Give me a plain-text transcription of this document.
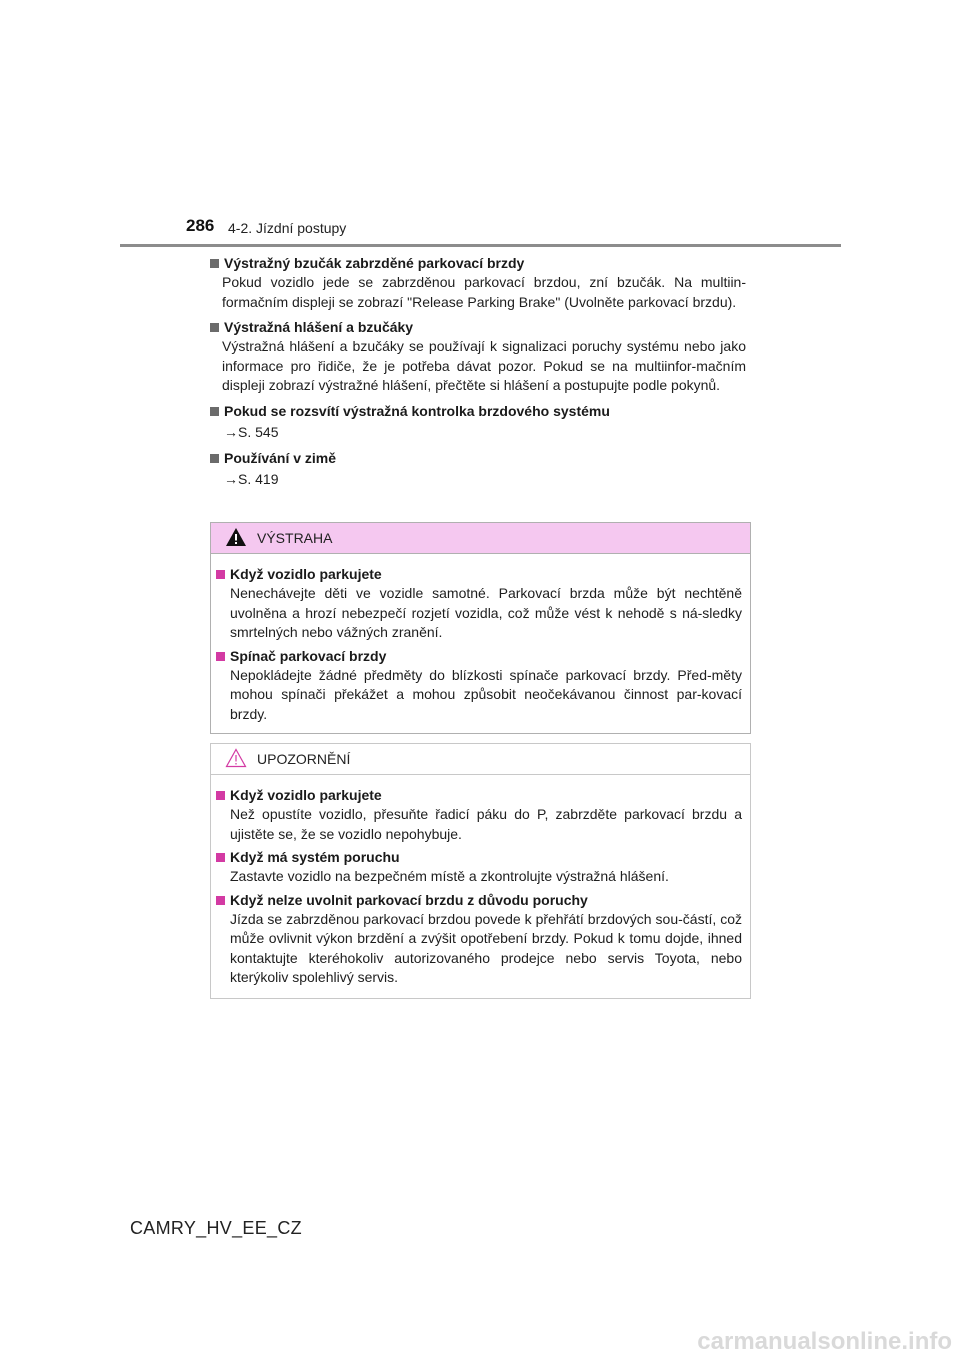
286 4-2. Jízdní postupy
Výstražný bzučák zabrzděné parkovací brzdy
Pokud vozidlo jede se zabrzděnou parkovací brzdou, zní bzučák. Na multiin-formačním displeji se zobrazí "Release Parking Brake" (Uvolněte parkovací brzdu).
Výstražná hlášení a bzučáky
Výstražná hlášení a bzučáky se používají k signalizaci poruchy systému nebo jako informace pro řidiče, že je potřeba dávat pozor. Pokud se na multiinfor-mačním displeji zobrazí výstražné hlášení, přečtěte si hlášení a postupujte podle pokynů.
Pokud se rozsvítí výstražná kontrolka brzdového systému
→S. 545
Používání v zimě
→S. 419
VÝSTRAHA
Když vozidlo parkujete
Nenechávejte děti ve vozidle samotné. Parkovací brzda může být nechtěně uvolněna a hrozí nebezpečí rozjetí vozidla, což může vést k nehodě s ná-sledky smrtelných nebo vážných zranění.
Spínač parkovací brzdy
Nepokládejte žádné předměty do blízkosti spínače parkovací brzdy. Před-měty mohou spínači překážet a mohou způsobit neočekávanou činnost par-kovací brzdy.
UPOZORNĚNÍ
Když vozidlo parkujete
Než opustíte vozidlo, přesuňte řadicí páku do P, zabrzděte parkovací brzdu a ujistěte se, že se vozidlo nepohybuje.
Když má systém poruchu
Zastavte vozidlo na bezpečném místě a zkontrolujte výstražná hlášení.
Když nelze uvolnit parkovací brzdu z důvodu poruchy
Jízda se zabrzděnou parkovací brzdou povede k přehřátí brzdových sou-částí, což může ovlivnit výkon brzdění a zvýšit opotřebení brzdy. Pokud k tomu dojde, ihned kontaktujte kteréhokoliv autorizovaného prodejce nebo servis Toyota, nebo kterýkoliv spolehlivý servis.
CAMRY_HV_EE_CZ
carmanualsonline.info
